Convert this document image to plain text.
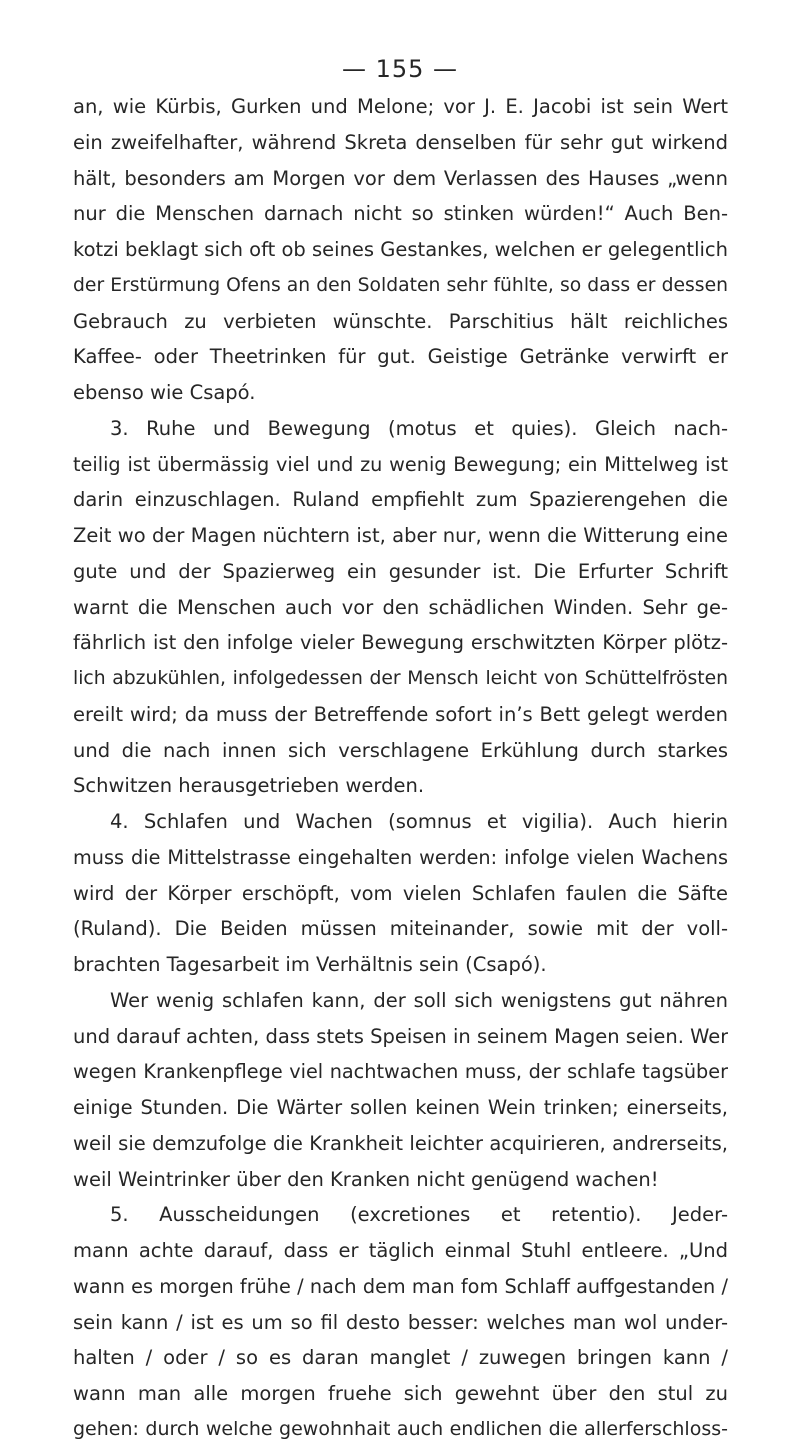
— 155 —
an, wie Kürbis, Gurken und Melone; vor J. E. Jacobi ist sein Wert
ein zweifelhafter, während Skreta denselben für sehr gut wirkend
hält, besonders am Morgen vor dem Verlassen des Hauses „wenn
nur die Menschen darnach nicht so stinken würden!“ Auch Ben-
kotzi beklagt sich oft ob seines Gestankes, welchen er gelegentlich
der Erstürmung Ofens an den Soldaten sehr fühlte, so dass er dessen
Gebrauch zu verbieten wünschte. Parschitius hält reichliches
Kaffee- oder Theetrinken für gut. Geistige Getränke verwirft er
ebenso wie Csapó.
3. Ruhe und Bewegung (motus et quies). Gleich nach-
teilig ist übermässig viel und zu wenig Bewegung; ein Mittelweg ist
darin einzuschlagen. Ruland empfiehlt zum Spazierengehen die
Zeit wo der Magen nüchtern ist, aber nur, wenn die Witterung eine
gute und der Spazierweg ein gesunder ist. Die Erfurter Schrift
warnt die Menschen auch vor den schädlichen Winden. Sehr ge-
fährlich ist den infolge vieler Bewegung erschwitzten Körper plötz-
lich abzukühlen, infolgedessen der Mensch leicht von Schüttelfrösten
ereilt wird; da muss der Betreffende sofort in’s Bett gelegt werden
und die nach innen sich verschlagene Erkühlung durch starkes
Schwitzen herausgetrieben werden.
4. Schlafen und Wachen (somnus et vigilia). Auch hierin
muss die Mittelstrasse eingehalten werden: infolge vielen Wachens
wird der Körper erschöpft, vom vielen Schlafen faulen die Säfte
(Ruland). Die Beiden müssen miteinander, sowie mit der voll-
brachten Tagesarbeit im Verhältnis sein (Csapó).
Wer wenig schlafen kann, der soll sich wenigstens gut nähren
und darauf achten, dass stets Speisen in seinem Magen seien. Wer
wegen Krankenpflege viel nachtwachen muss, der schlafe tagsüber
einige Stunden. Die Wärter sollen keinen Wein trinken; einerseits,
weil sie demzufolge die Krankheit leichter acquirieren, andrerseits,
weil Weintrinker über den Kranken nicht genügend wachen!
5. Ausscheidungen (excretiones et retentio). Jeder-
mann achte darauf, dass er täglich einmal Stuhl entleere. „Und
wann es morgen frühe / nach dem man fom Schlaff auffgestanden /
sein kann / ist es um so fil desto besser: welches man wol under-
halten / oder / so es daran manglet / zuwegen bringen kann /
wann man alle morgen fruehe sich gewehnt über den stul zu
gehen: durch welche gewohnhait auch endlichen die allerferschloss-
